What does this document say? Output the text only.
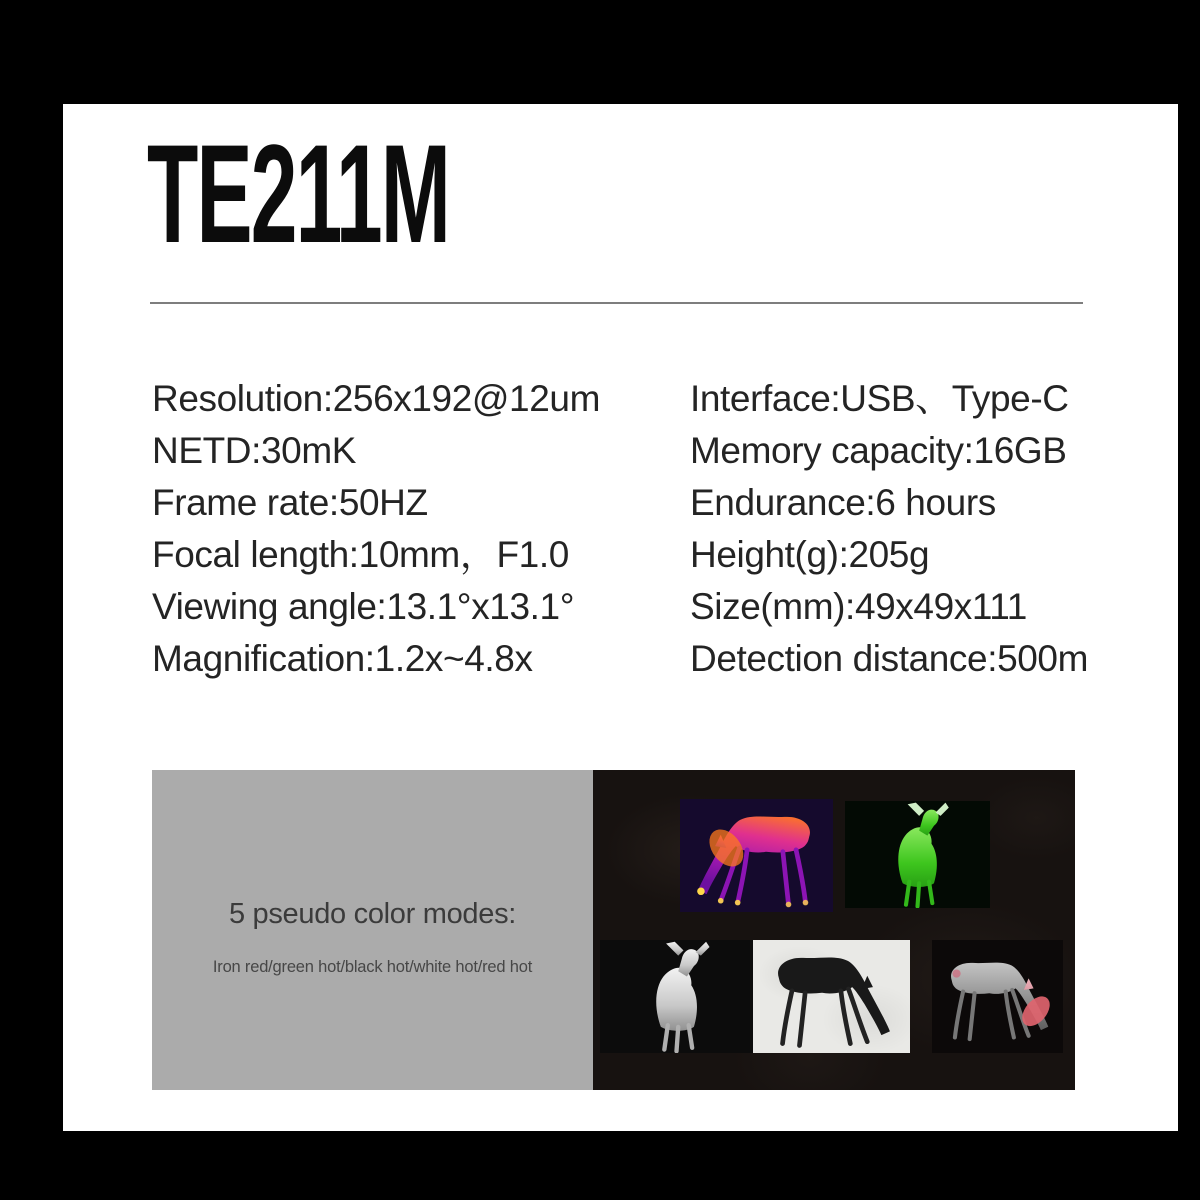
TE211M
Resolution:256x192@12um
NETD:30mK
Frame rate:50HZ
Focal length:10mm，F1.0
Viewing angle:13.1°x13.1°
Magnification:1.2x~4.8x
Interface:USB、Type-C
Memory capacity:16GB
Endurance:6 hours
Height(g):205g
Size(mm):49x49x111
Detection distance:500m
5 pseudo color modes:
Iron red/green hot/black hot/white hot/red hot
